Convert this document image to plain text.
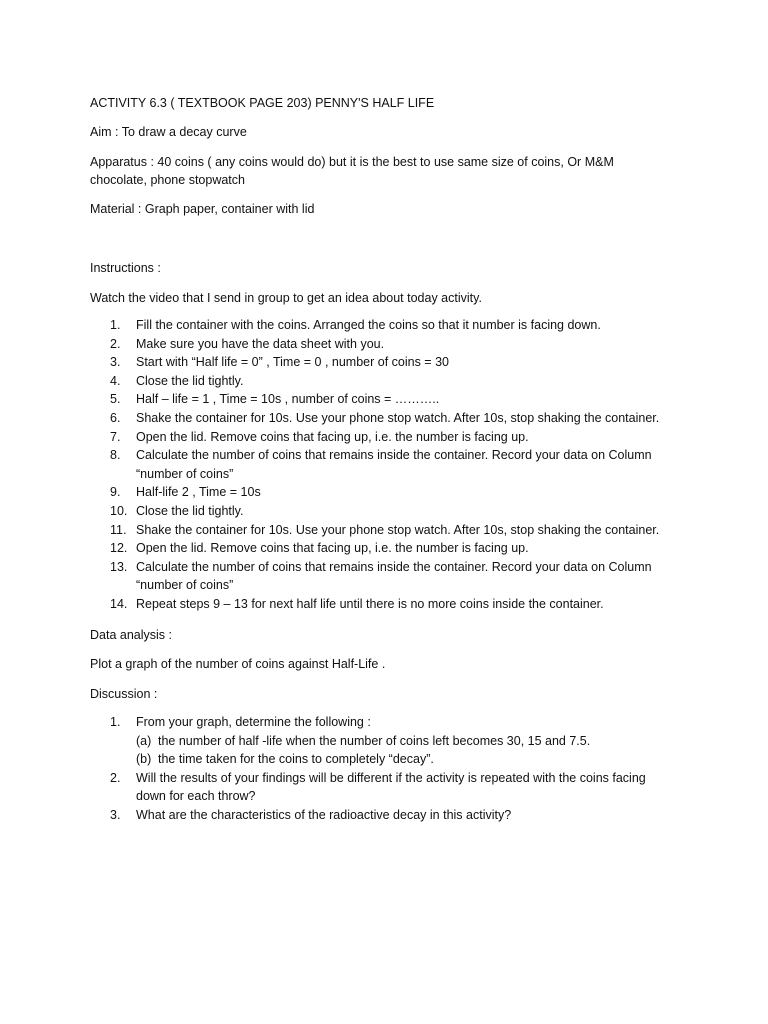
ACTIVITY 6.3 ( TEXTBOOK PAGE 203) PENNY'S HALF LIFE
Aim : To draw a decay curve
Apparatus : 40 coins ( any coins would do) but it is the best to use same size of coins, Or M&M
chocolate, phone stopwatch
Material : Graph paper, container with lid
Instructions :
Watch the video that I send in group to get an idea about today activity.
1.	Fill the container with the coins. Arranged the coins so that it number is facing down.
2.	Make sure you have the data sheet with you.
3.	Start with “Half life = 0” , Time = 0 , number of coins = 30
4.	Close the lid tightly.
5.	Half – life = 1 , Time = 10s , number of coins = ………..
6.	Shake the container for 10s. Use your phone stop watch. After 10s, stop shaking the container.
7.	Open the lid. Remove coins that facing up, i.e. the number is facing up.
8.	Calculate the number of coins that remains inside the container. Record your data on Column
“number of coins”
9.	Half-life 2 , Time = 10s
10. Close the lid tightly.
11. Shake the container for 10s. Use your phone stop watch. After 10s, stop shaking the container.
12. Open the lid. Remove coins that facing up, i.e. the number is facing up.
13. Calculate the number of coins that remains inside the container. Record your data on Column
“number of coins”
14. Repeat steps 9 – 13 for next half life until there is no more coins inside the container.
Data analysis :
Plot a graph of the number of coins against Half-Life .
Discussion :
1.	From your graph, determine the following :
(a) the number of half -life when the number of coins left becomes 30, 15 and 7.5.
(b) the time taken for the coins to completely “decay”.
2.	Will the results of your findings will be different if the activity is repeated with the coins facing
down for each throw?
3.	What are the characteristics of the radioactive decay in this activity?
